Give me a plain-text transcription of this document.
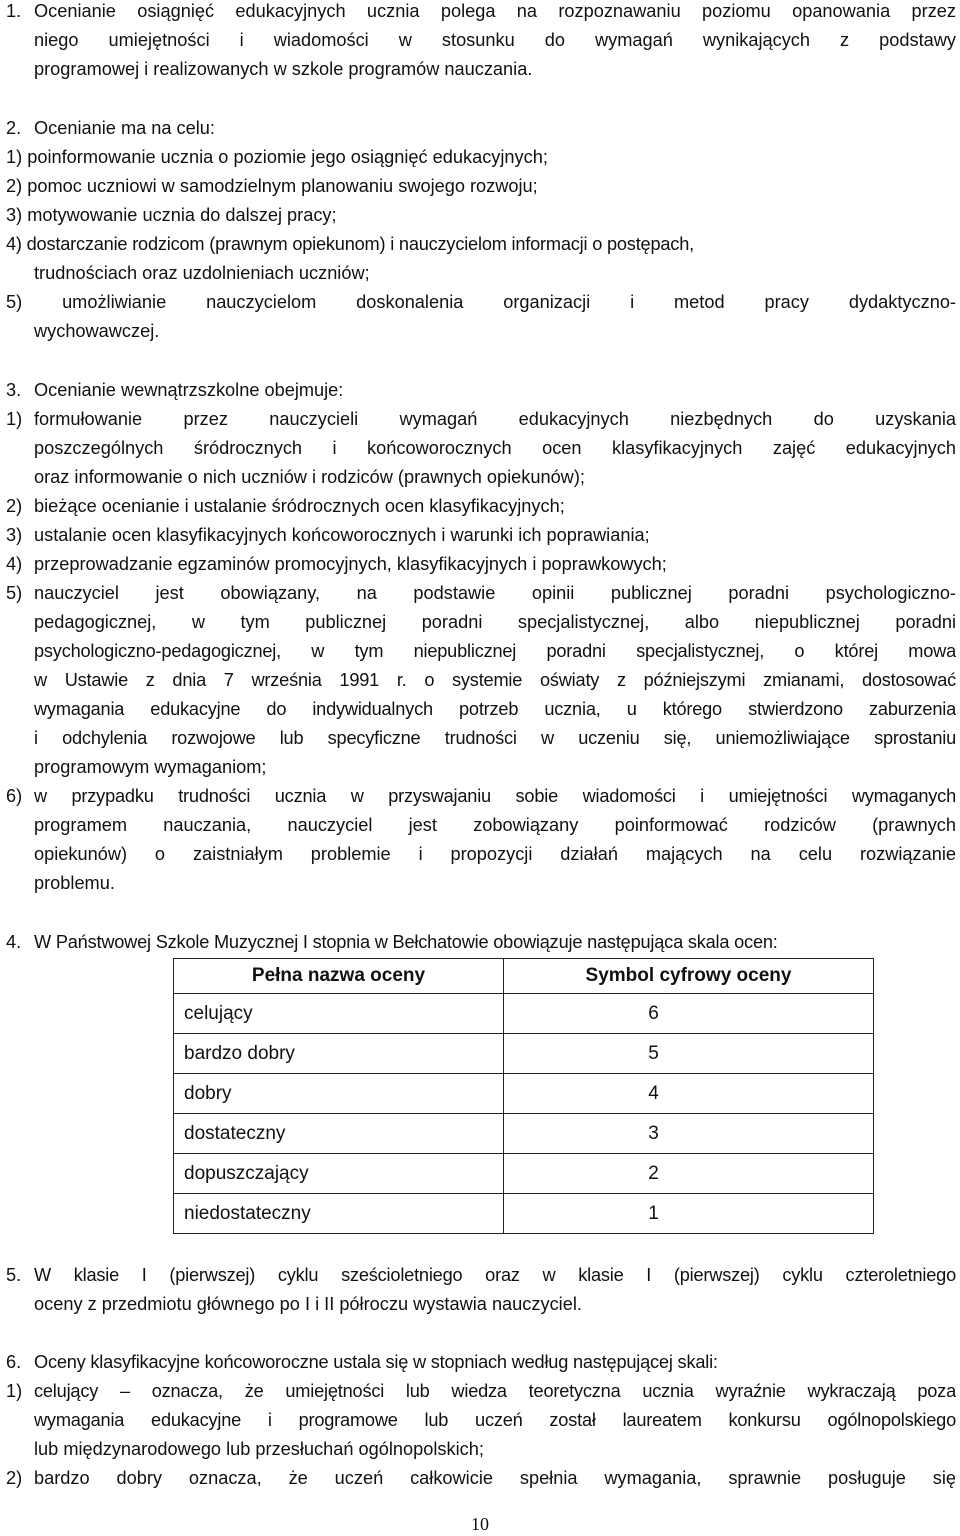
1. Ocenianie osiągnięć edukacyjnych ucznia polega na rozpoznawaniu poziomu opanowania przez
niego umiejętności i wiadomości w stosunku do wymagań wynikających z podstawy
programowej i realizowanych w szkole programów nauczania.
2. Ocenianie ma na celu:
1) poinformowanie ucznia o poziomie jego osiągnięć edukacyjnych;
2) pomoc uczniowi w samodzielnym planowaniu swojego rozwoju;
3) motywowanie ucznia do dalszej pracy;
4) dostarczanie rodzicom (prawnym opiekunom) i nauczycielom informacji o postępach,
trudnościach oraz uzdolnieniach uczniów;
5) umożliwianie nauczycielom doskonalenia organizacji i metod pracy dydaktyczno-
wychowawczej.
3. Ocenianie wewnątrzszkolne obejmuje:
1) formułowanie przez nauczycieli wymagań edukacyjnych niezbędnych do uzyskania
poszczególnych śródrocznych i końcoworocznych ocen klasyfikacyjnych zajęć edukacyjnych
oraz informowanie o nich uczniów i rodziców (prawnych opiekunów);
2) bieżące ocenianie i ustalanie śródrocznych ocen klasyfikacyjnych;
3) ustalanie ocen klasyfikacyjnych końcoworocznych i warunki ich poprawiania;
4) przeprowadzanie egzaminów promocyjnych, klasyfikacyjnych i poprawkowych;
5) nauczyciel jest obowiązany, na podstawie opinii publicznej poradni psychologiczno-
pedagogicznej, w tym publicznej poradni specjalistycznej, albo niepublicznej poradni
psychologiczno-pedagogicznej, w tym niepublicznej poradni specjalistycznej, o której mowa
w Ustawie z dnia 7 września 1991 r. o systemie oświaty z późniejszymi zmianami, dostosować
wymagania edukacyjne do indywidualnych potrzeb ucznia, u którego stwierdzono zaburzenia
i odchylenia rozwojowe lub specyficzne trudności w uczeniu się, uniemożliwiające sprostaniu
programowym wymaganiom;
6) w przypadku trudności ucznia w przyswajaniu sobie wiadomości i umiejętności wymaganych
programem nauczania, nauczyciel jest zobowiązany poinformować rodziców (prawnych
opiekunów) o zaistniałym problemie i propozycji działań mających na celu rozwiązanie
problemu.
4. W Państwowej Szkole Muzycznej I stopnia w Bełchatowie obowiązuje następująca skala ocen:
Pełna nazwa oceny	Symbol cyfrowy oceny
celujący	6
bardzo dobry	5
dobry	4
dostateczny	3
dopuszczający	2
niedostateczny	1
5. W klasie I (pierwszej) cyklu sześcioletniego oraz w klasie I (pierwszej) cyklu czteroletniego
oceny z przedmiotu głównego po I i II półroczu wystawia nauczyciel.
6. Oceny klasyfikacyjne końcoworoczne ustala się w stopniach według następującej skali:
1) celujący – oznacza, że umiejętności lub wiedza teoretyczna ucznia wyraźnie wykraczają poza
wymagania edukacyjne i programowe lub uczeń został laureatem konkursu ogólnopolskiego
lub międzynarodowego lub przesłuchań ogólnopolskich;
2) bardzo dobry oznacza, że uczeń całkowicie spełnia wymagania, sprawnie posługuje się
10
